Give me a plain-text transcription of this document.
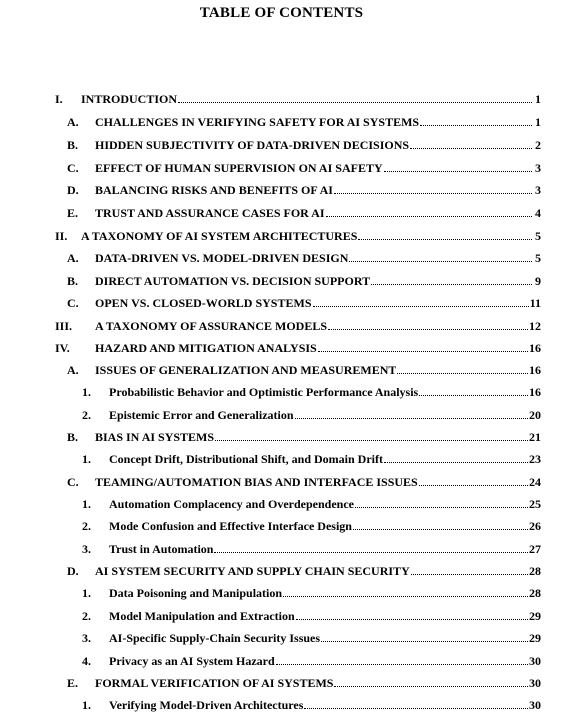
TABLE OF CONTENTS
I.	INTRODUCTION	1
A.	CHALLENGES IN VERIFYING SAFETY FOR AI SYSTEMS	1
B.	HIDDEN SUBJECTIVITY OF DATA-DRIVEN DECISIONS	2
C.	EFFECT OF HUMAN SUPERVISION ON AI SAFETY	3
D.	BALANCING RISKS AND BENEFITS OF AI	3
E.	TRUST AND ASSURANCE CASES FOR AI	4
II.	A TAXONOMY OF AI SYSTEM ARCHITECTURES	5
A.	DATA-DRIVEN VS. MODEL-DRIVEN DESIGN	5
B.	DIRECT AUTOMATION VS. DECISION SUPPORT	9
C.	OPEN VS. CLOSED-WORLD SYSTEMS	11
III.	A TAXONOMY OF ASSURANCE MODELS	12
IV.	HAZARD AND MITIGATION ANALYSIS	16
A.	ISSUES OF GENERALIZATION AND MEASUREMENT	16
1.	Probabilistic Behavior and Optimistic Performance Analysis	16
2.	Epistemic Error and Generalization	20
B.	BIAS IN AI SYSTEMS	21
1.	Concept Drift, Distributional Shift, and Domain Drift	23
C.	TEAMING/AUTOMATION BIAS AND INTERFACE ISSUES	24
1.	Automation Complacency and Overdependence	25
2.	Mode Confusion and Effective Interface Design	26
3.	Trust in Automation	27
D.	AI SYSTEM SECURITY AND SUPPLY CHAIN SECURITY	28
1.	Data Poisoning and Manipulation	28
2.	Model Manipulation and Extraction	29
3.	AI-Specific Supply-Chain Security Issues	29
4.	Privacy as an AI System Hazard	30
E.	FORMAL VERIFICATION OF AI SYSTEMS	30
1.	Verifying Model-Driven Architectures	30
